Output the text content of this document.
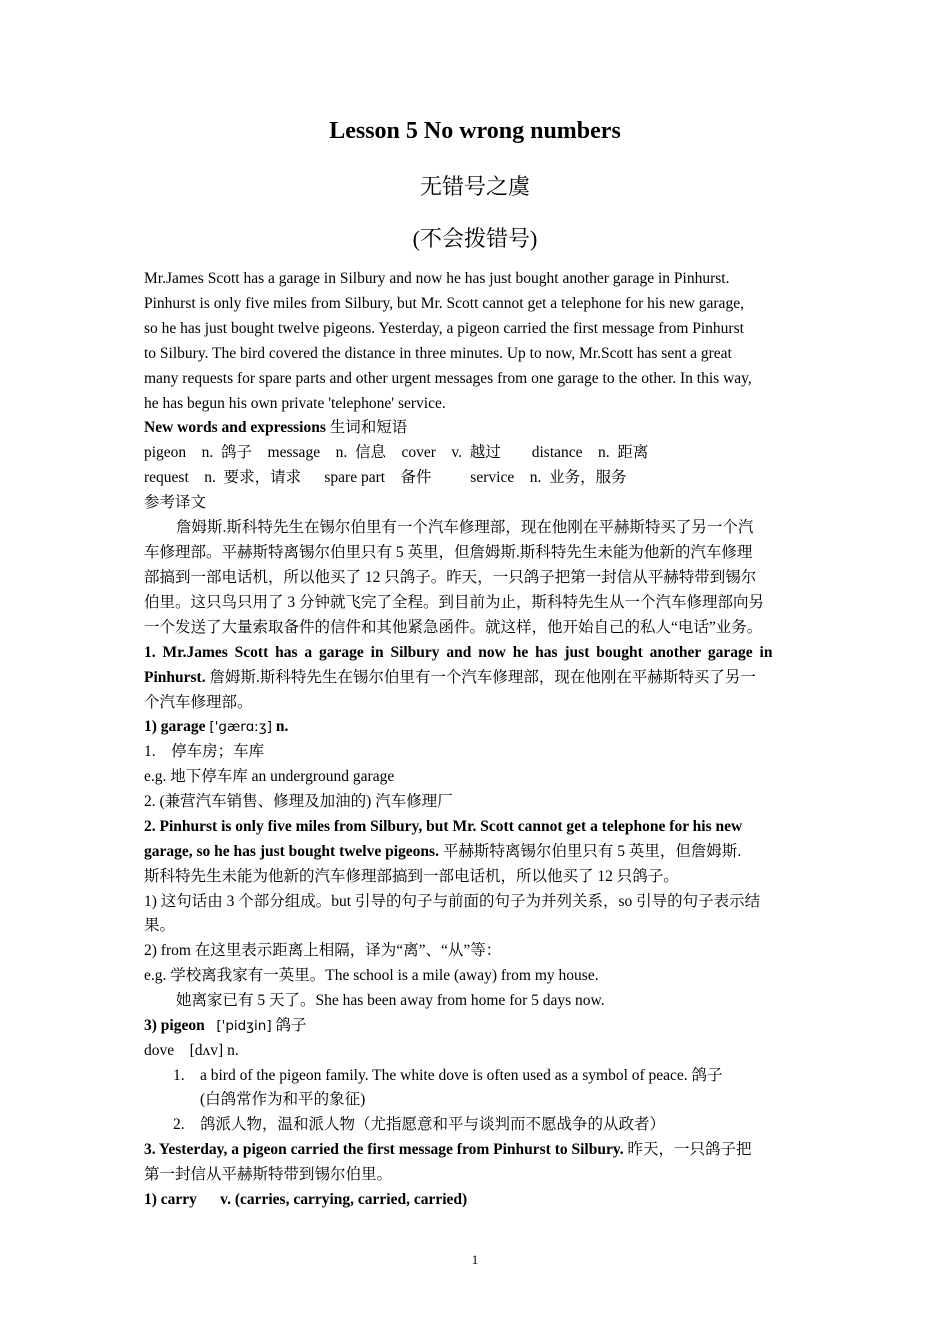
Lesson 5 No wrong numbers
无错号之虞
(不会拨错号)
Mr.James Scott has a garage in Silbury and now he has just bought another garage in Pinhurst.
Pinhurst is only five miles from Silbury, but Mr. Scott cannot get a telephone for his new garage,
so he has just bought twelve pigeons. Yesterday, a pigeon carried the first message from Pinhurst
to Silbury. The bird covered the distance in three minutes. Up to now, Mr.Scott has sent a great
many requests for spare parts and other urgent messages from one garage to the other. In this way,
he has begun his own private 'telephone' service.
New words and expressions 生词和短语
pigeon    n.  鸽子    message    n.  信息    cover    v.  越过        distance    n.  距离
request    n.  要求，请求      spare part    备件          service    n.  业务，服务
参考译文
詹姆斯.斯科特先生在锡尔伯里有一个汽车修理部，现在他刚在平赫斯特买了另一个汽
车修理部。平赫斯特离锡尔伯里只有 5 英里，但詹姆斯.斯科特先生未能为他新的汽车修理
部搞到一部电话机，所以他买了 12 只鸽子。昨天，一只鸽子把第一封信从平赫特带到锡尔
伯里。这只鸟只用了 3 分钟就飞完了全程。到目前为止，斯科特先生从一个汽车修理部向另
一个发送了大量索取备件的信件和其他紧急函件。就这样，他开始自己的私人“电话”业务。
1. Mr.James Scott has a garage in Silbury and now he has just bought another garage in
Pinhurst. 詹姆斯.斯科特先生在锡尔伯里有一个汽车修理部，现在他刚在平赫斯特买了另一
个汽车修理部。
1) garage ['gærɑːʒ] n.
1.    停车房；车库
e.g. 地下停车库 an underground garage
2. (兼营汽车销售、修理及加油的) 汽车修理厂
2. Pinhurst is only five miles from Silbury, but Mr. Scott cannot get a telephone for his new
garage, so he has just bought twelve pigeons. 平赫斯特离锡尔伯里只有 5 英里，但詹姆斯.
斯科特先生未能为他新的汽车修理部搞到一部电话机，所以他买了 12 只鸽子。
1) 这句话由 3 个部分组成。but 引导的句子与前面的句子为并列关系，so 引导的句子表示结
果。
2) from 在这里表示距离上相隔，译为“离”、“从”等：
e.g. 学校离我家有一英里。The school is a mile (away) from my house.
她离家已有 5 天了。She has been away from home for 5 days now.
3) pigeon ['pidʒin] 鸽子
dove    [dʌv] n.
1. a bird of the pigeon family. The white dove is often used as a symbol of peace. 鸽子
(白鸽常作为和平的象征)
2. 鸽派人物，温和派人物（尤指愿意和平与谈判而不愿战争的从政者）
3. Yesterday, a pigeon carried the first message from Pinhurst to Silbury. 昨天，一只鸽子把
第一封信从平赫斯特带到锡尔伯里。
1) carry      v. (carries, carrying, carried, carried)
1
